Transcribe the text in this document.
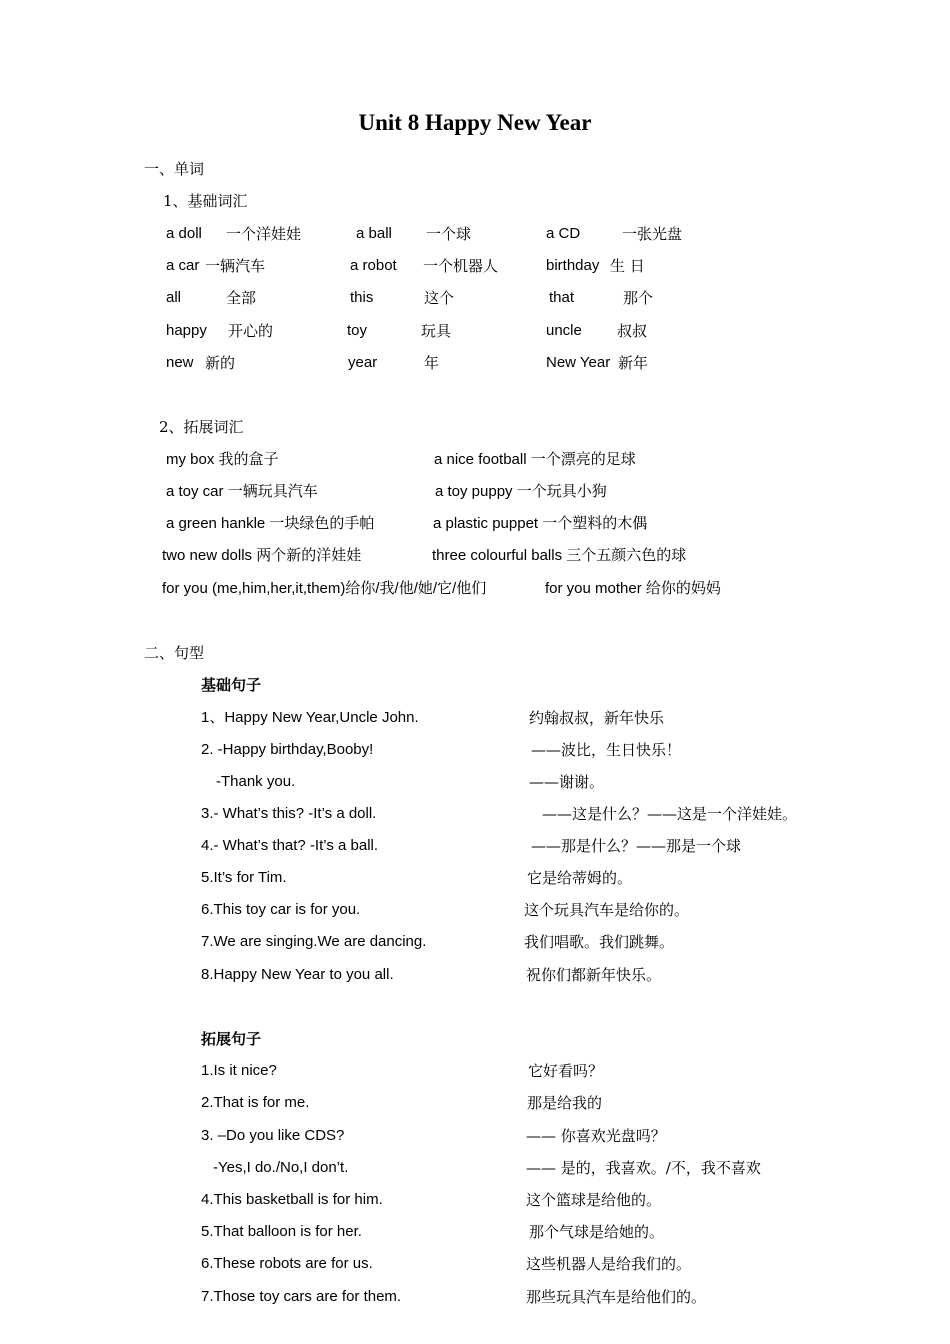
Unit 8 Happy New Year
一、单词
1、基础词汇
a doll 一个洋娃娃	a ball 一个球	a CD	一张光盘
a car 一辆汽车	a robot 一个机器人	birthday 生 日
all	全部	this	这个	that	那个
happy 开心的	toy	玩具	uncle 叔叔
new 新的	year	年	New Year 新年
2、拓展词汇
my box 我的盒子	a nice football 一个漂亮的足球
a toy car 一辆玩具汽车	a toy puppy 一个玩具小狗
a green hankle 一块绿色的手帕	a plastic puppet 一个塑料的木偶
two new dolls 两个新的洋娃娃	three colourful balls 三个五颜六色的球
for you (me,him,her,it,them)给你/我/他/她/它/他们	for you mother 给你的妈妈
二、句型
基础句子
1、Happy New Year,Uncle John.	约翰叔叔，新年快乐
2. -Happy birthday,Booby!	——波比，生日快乐！
-Thank you.	——谢谢。
3.- What’s this? -It’s a doll.	——这是什么？——这是一个洋娃娃。
4.- What’s that? -It’s a ball.	——那是什么？——那是一个球
5.It’s for Tim.	它是给蒂姆的。
6.This toy car is for you.	这个玩具汽车是给你的。
7.We are singing.We are dancing.	我们唱歌。我们跳舞。
8.Happy New Year to you all.	祝你们都新年快乐。
拓展句子
1.Is it nice?	它好看吗？
2.That is for me.	那是给我的
3. –Do you like CDS?	—— 你喜欢光盘吗？
-Yes,I do./No,I don’t.	—— 是的，我喜欢。/不，我不喜欢
4.This basketball is for him.	这个篮球是给他的。
5.That balloon is for her.	那个气球是给她的。
6.These robots are for us.	这些机器人是给我们的。
7.Those toy cars are for them.	那些玩具汽车是给他们的。
